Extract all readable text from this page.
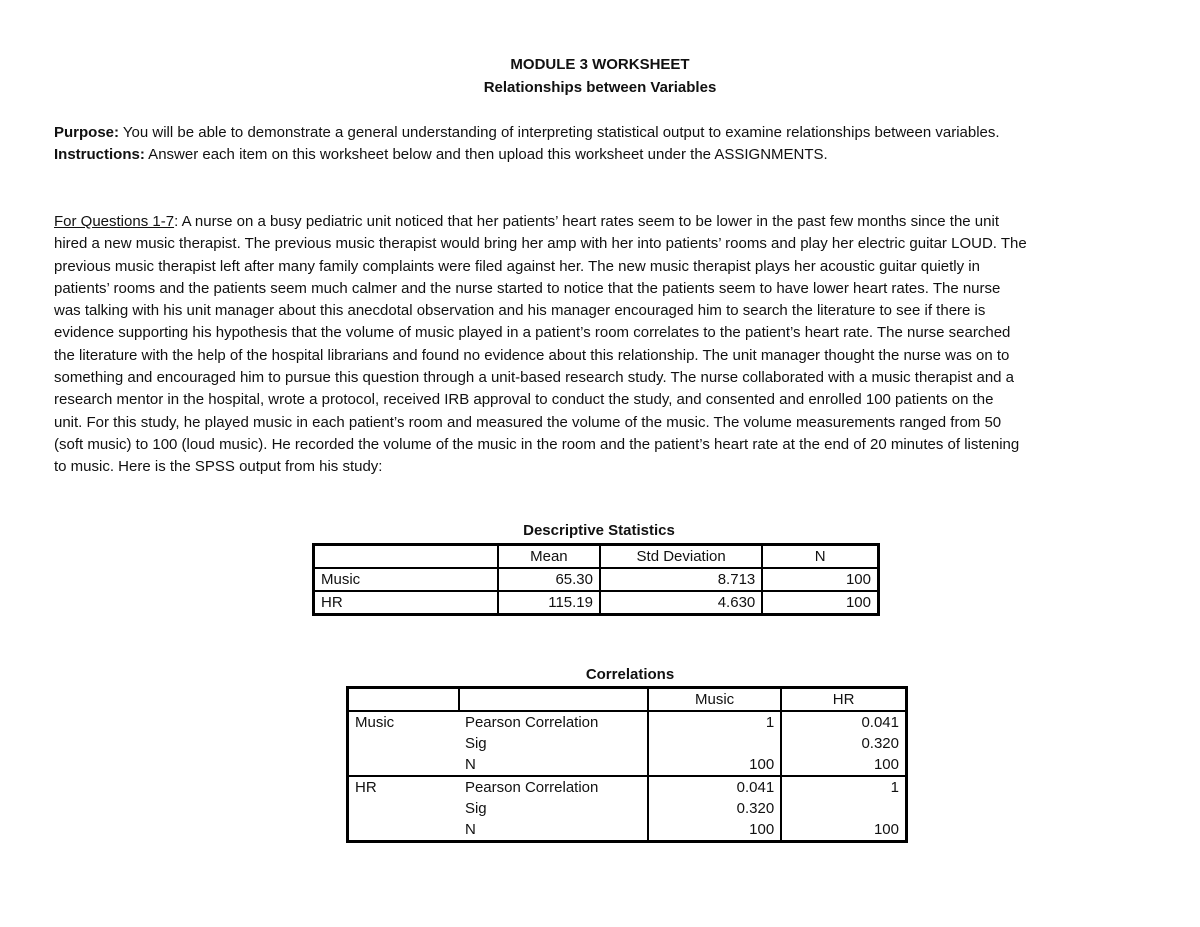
MODULE 3 WORKSHEET
Relationships between Variables
Purpose: You will be able to demonstrate a general understanding of interpreting statistical output to examine relationships between variables.
Instructions: Answer each item on this worksheet below and then upload this worksheet under the ASSIGNMENTS.
For Questions 1-7: A nurse on a busy pediatric unit noticed that her patients’ heart rates seem to be lower in the past few months since the unit
hired a new music therapist. The previous music therapist would bring her amp with her into patients’ rooms and play her electric guitar LOUD. The
previous music therapist left after many family complaints were filed against her. The new music therapist plays her acoustic guitar quietly in
patients’ rooms and the patients seem much calmer and the nurse started to notice that the patients seem to have lower heart rates. The nurse
was talking with his unit manager about this anecdotal observation and his manager encouraged him to search the literature to see if there is
evidence supporting his hypothesis that the volume of music played in a patient’s room correlates to the patient’s heart rate. The nurse searched
the literature with the help of the hospital librarians and found no evidence about this relationship. The unit manager thought the nurse was on to
something and encouraged him to pursue this question through a unit-based research study. The nurse collaborated with a music therapist and a
research mentor in the hospital, wrote a protocol, received IRB approval to conduct the study, and consented and enrolled 100 patients on the
unit. For this study, he played music in each patient’s room and measured the volume of the music. The volume measurements ranged from 50
(soft music) to 100 (loud music). He recorded the volume of the music in the room and the patient’s heart rate at the end of 20 minutes of listening
to music. Here is the SPSS output from his study:
Descriptive Statistics
	Mean	Std Deviation	N
Music	65.30	8.713	100
HR	115.19	4.630	100
Correlations
		Music	HR
Music	Pearson Correlation	1	0.041
	Sig		0.320
	N	100	100
HR	Pearson Correlation	0.041	1
	Sig	0.320	
	N	100	100
